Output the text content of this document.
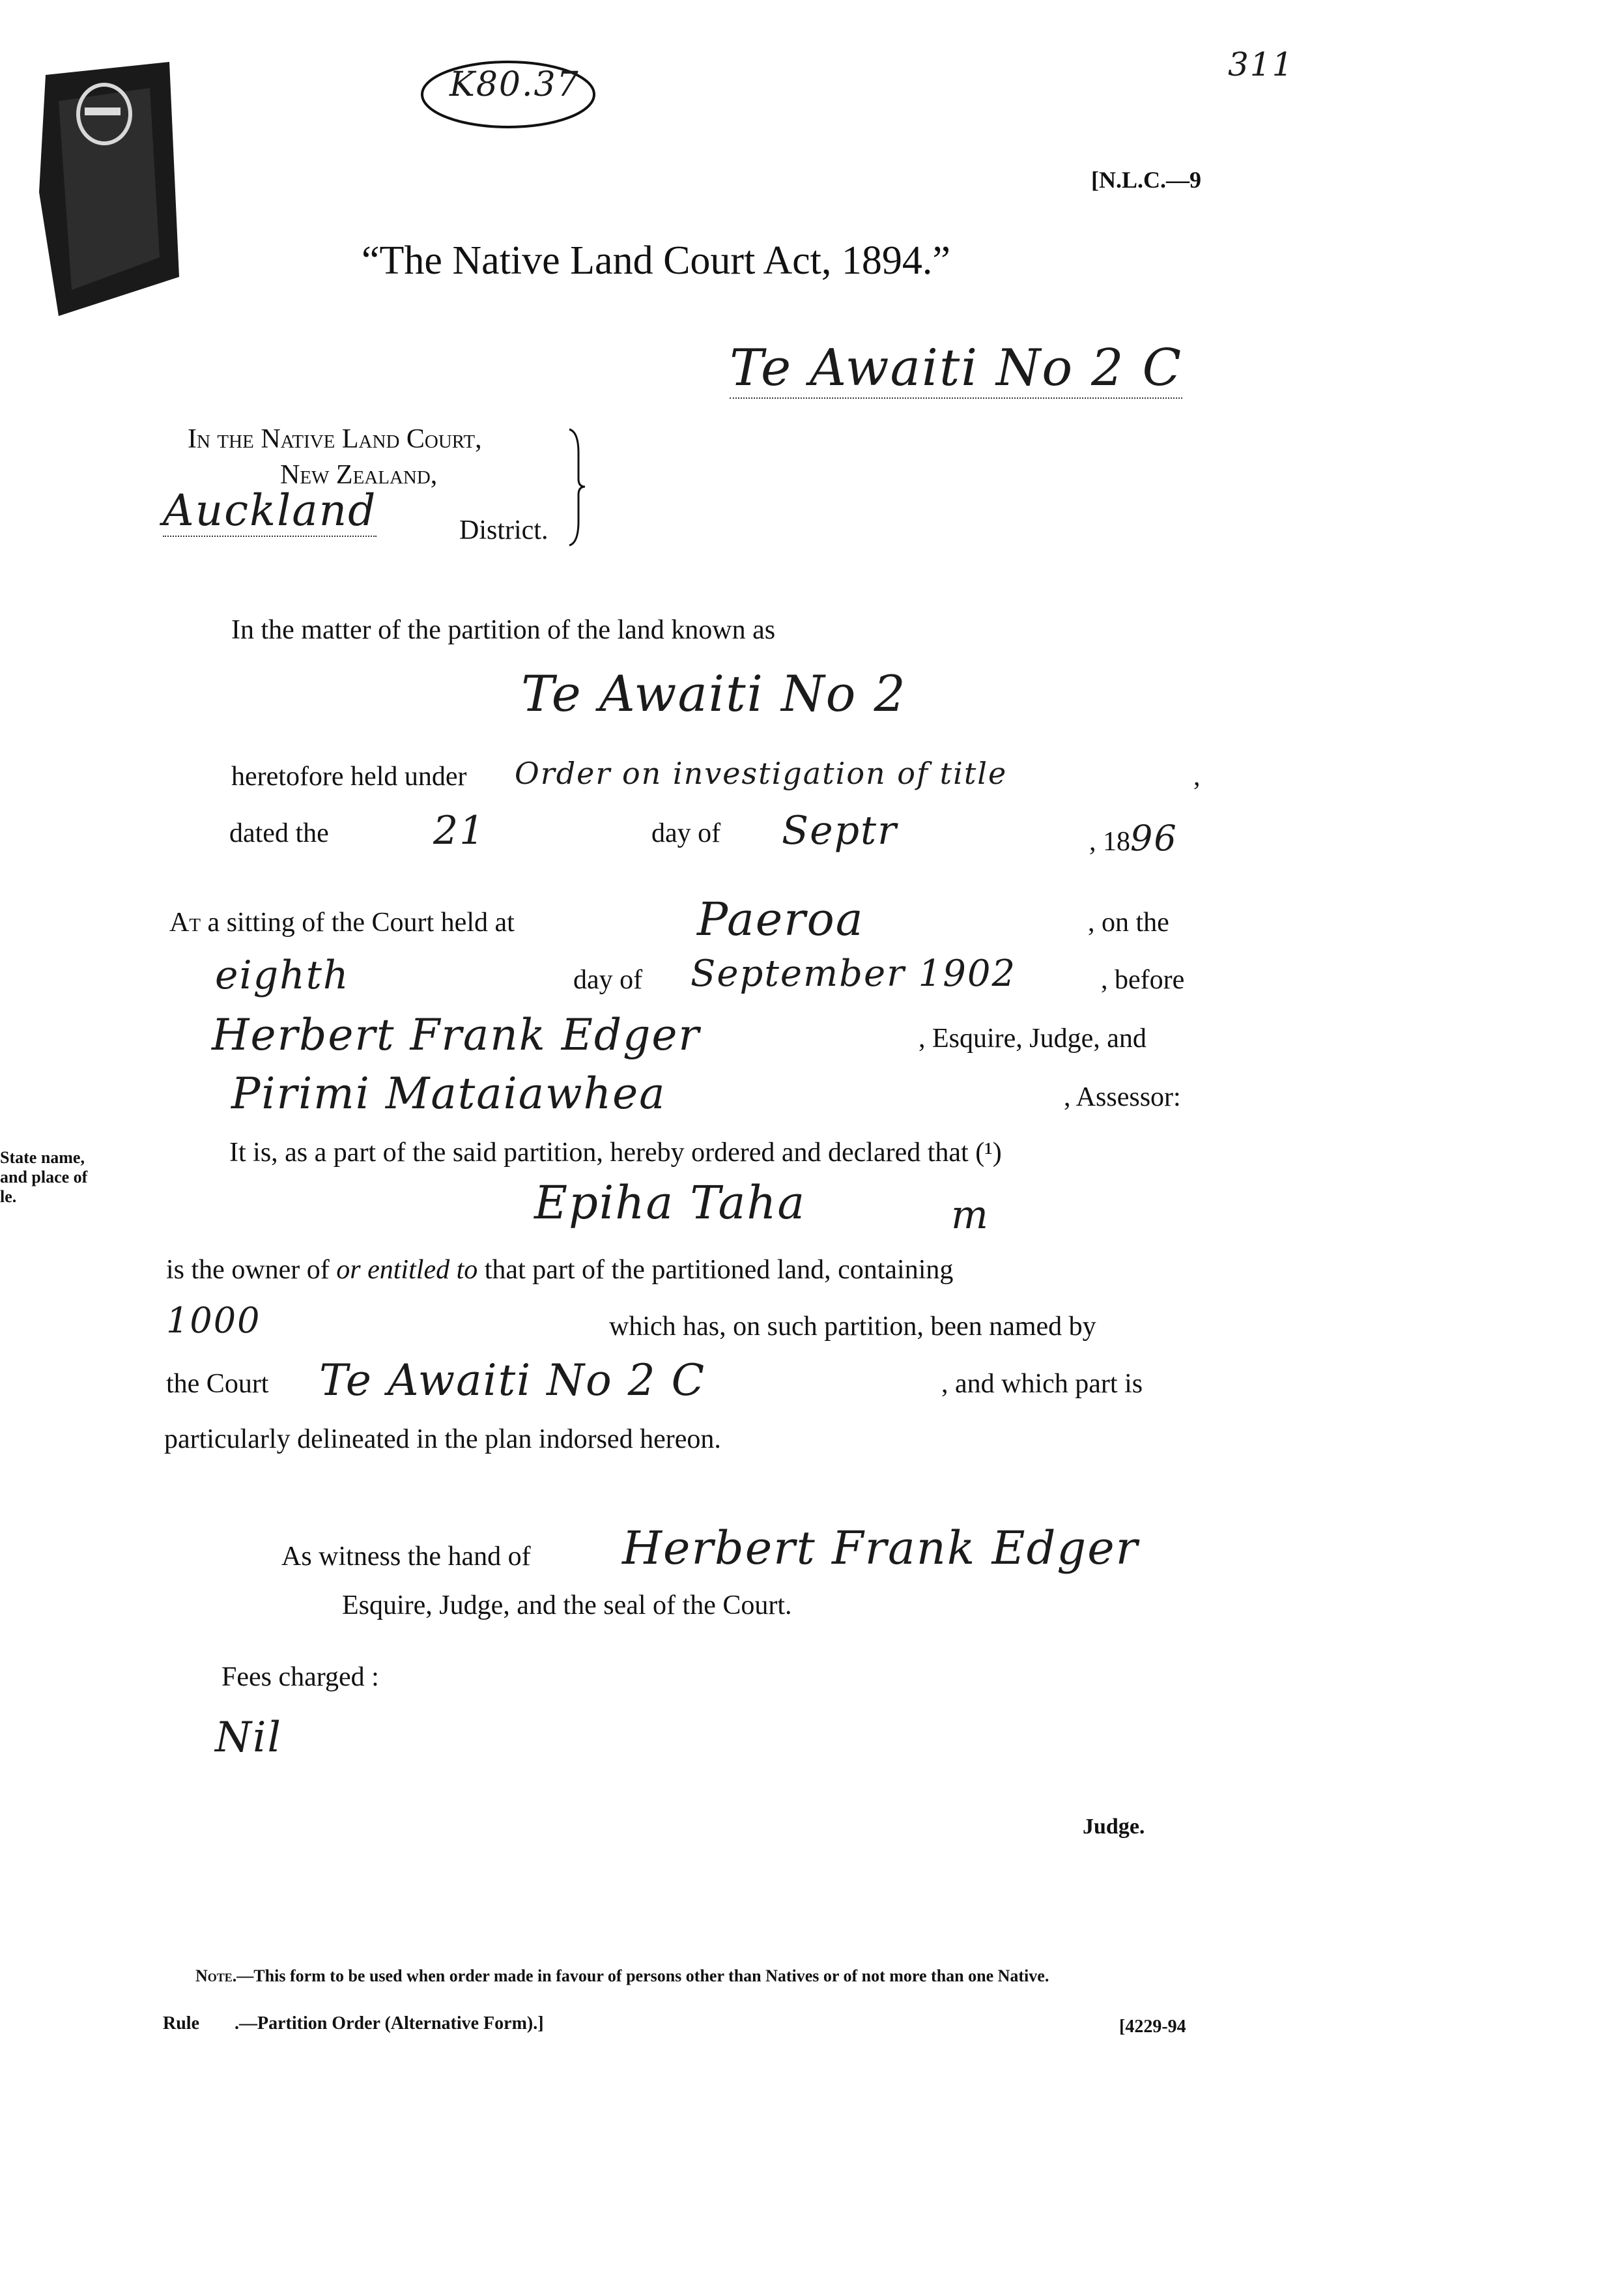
K80.37
311
[N.L.C.—9
“The Native Land Court Act, 1894.”
Te Awaiti No 2 C
In the Native Land Court,
New Zealand,
Auckland	District.
In the matter of the partition of the land known as
Te Awaiti No 2
heretofore held under Order on investigation of title	,
dated the	21	day of Septr	, 1896
At a sitting of the Court held at	Paeroa	, on the
eighth	day of September 1902	, before
Herbert Frank Edger	, Esquire, Judge, and
Pirimi Mataiawhea	, Assessor:
State name,
and place of
le.
It is, as a part of the said partition, hereby ordered and declared that (¹)
Epiha Taha	m
is the owner of or entitled to that part of the partitioned land, containing
1000	which has, on such partition, been named by
the Court Te Awaiti No 2 C	, and which part is
particularly delineated in the plan indorsed hereon.
As witness the hand of Herbert Frank Edger
Esquire, Judge, and the seal of the Court.
Fees charged :
Nil
Judge.
Note.—This form to be used when order made in favour of persons other than Natives or of not more than one Native.
Rule .—Partition Order (Alternative Form).]	[4229-94
